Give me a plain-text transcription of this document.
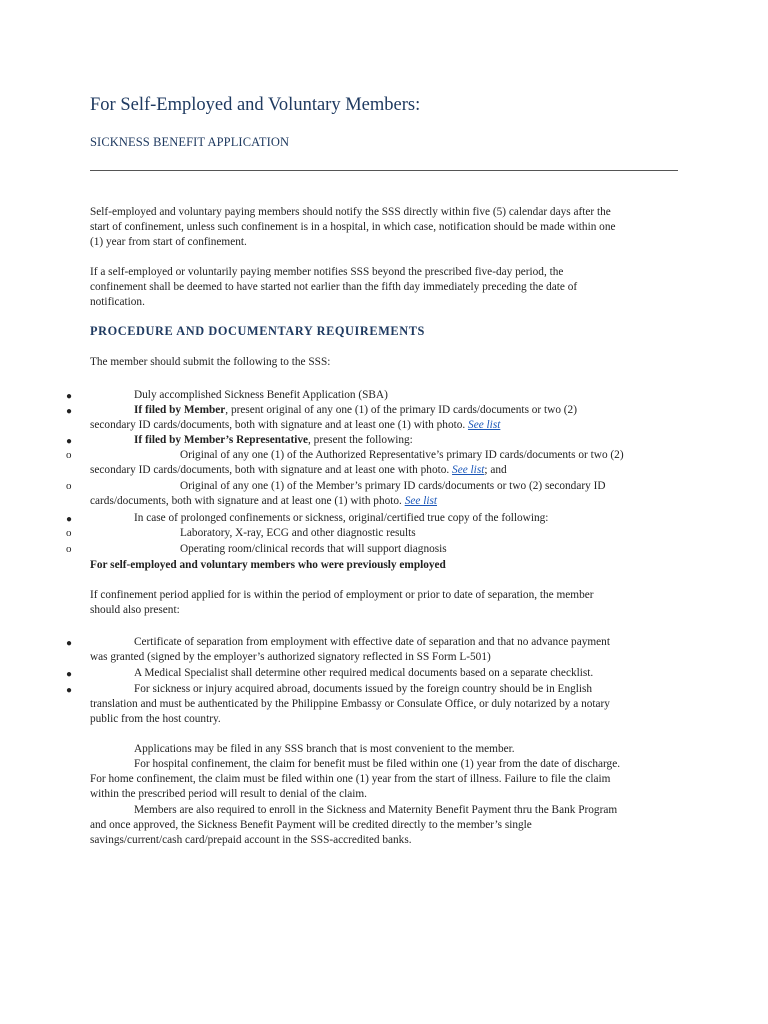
For Self-Employed and Voluntary Members:
SICKNESS BENEFIT APPLICATION
Self-employed and voluntary paying members should notify the SSS directly within five (5) calendar days after the
start of confinement, unless such confinement is in a hospital, in which case, notification should be made within one
(1) year from start of confinement.
If a self-employed or voluntarily paying member notifies SSS beyond the prescribed five-day period, the
confinement shall be deemed to have started not earlier than the fifth day immediately preceding the date of
notification.
PROCEDURE AND DOCUMENTARY REQUIREMENTS
The member should submit the following to the SSS:
●	Duly accomplished Sickness Benefit Application (SBA)
●	If filed by Member, present original of any one (1) of the primary ID cards/documents or two (2)
secondary ID cards/documents, both with signature and at least one (1) with photo. See list
●	If filed by Member’s Representative, present the following:
o	Original of any one (1) of the Authorized Representative’s primary ID cards/documents or two (2)
secondary ID cards/documents, both with signature and at least one with photo. See list; and
o	Original of any one (1) of the Member’s primary ID cards/documents or two (2) secondary ID
cards/documents, both with signature and at least one (1) with photo. See list
●	In case of prolonged confinements or sickness, original/certified true copy of the following:
o	Laboratory, X-ray, ECG and other diagnostic results
o	Operating room/clinical records that will support diagnosis
For self-employed and voluntary members who were previously employed
If confinement period applied for is within the period of employment or prior to date of separation, the member
should also present:
●	Certificate of separation from employment with effective date of separation and that no advance payment
was granted (signed by the employer’s authorized signatory reflected in SS Form L-501)
●	A Medical Specialist shall determine other required medical documents based on a separate checklist.
●	For sickness or injury acquired abroad, documents issued by the foreign country should be in English
translation and must be authenticated by the Philippine Embassy or Consulate Office, or duly notarized by a notary
public from the host country.
Applications may be filed in any SSS branch that is most convenient to the member.
For hospital confinement, the claim for benefit must be filed within one (1) year from the date of discharge.
For home confinement, the claim must be filed within one (1) year from the start of illness. Failure to file the claim
within the prescribed period will result to denial of the claim.
Members are also required to enroll in the Sickness and Maternity Benefit Payment thru the Bank Program
and once approved, the Sickness Benefit Payment will be credited directly to the member’s single
savings/current/cash card/prepaid account in the SSS-accredited banks.
